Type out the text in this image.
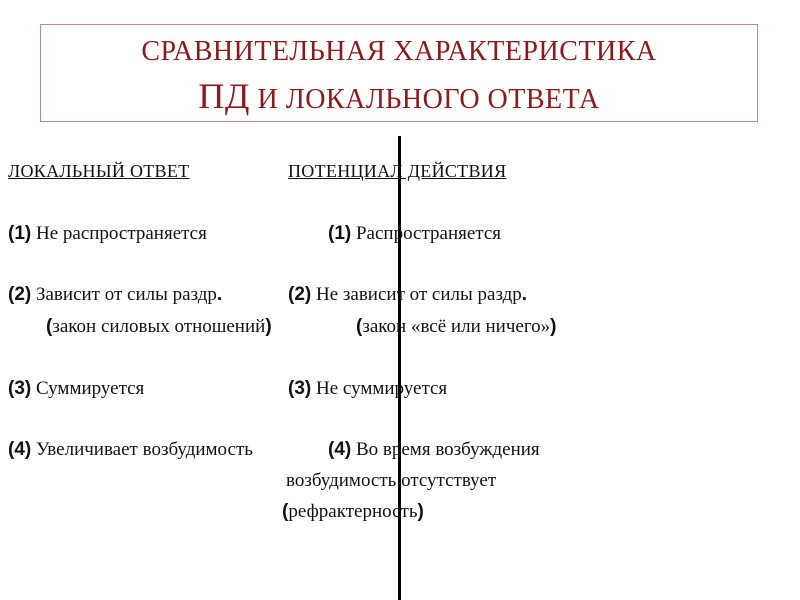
СРАВНИТЕЛЬНАЯ ХАРАКТЕРИСТИКА
ПД И ЛОКАЛЬНОГО ОТВЕТА
ЛОКАЛЬНЫЙ ОТВЕТ	ПОТЕНЦИАЛ ДЕЙСТВИЯ
(1) Не распространяется	(1) Распространяется
(2) Зависит от силы раздр.	(2) Не зависит от силы раздр.
(закон силовых отношений)	(закон «всё или ничего»)
(3) Суммируется	(3) Не суммируется
(4) Увеличивает возбудимость	(4) Во время возбуждения
возбудимость отсутствует
(рефрактерность)
